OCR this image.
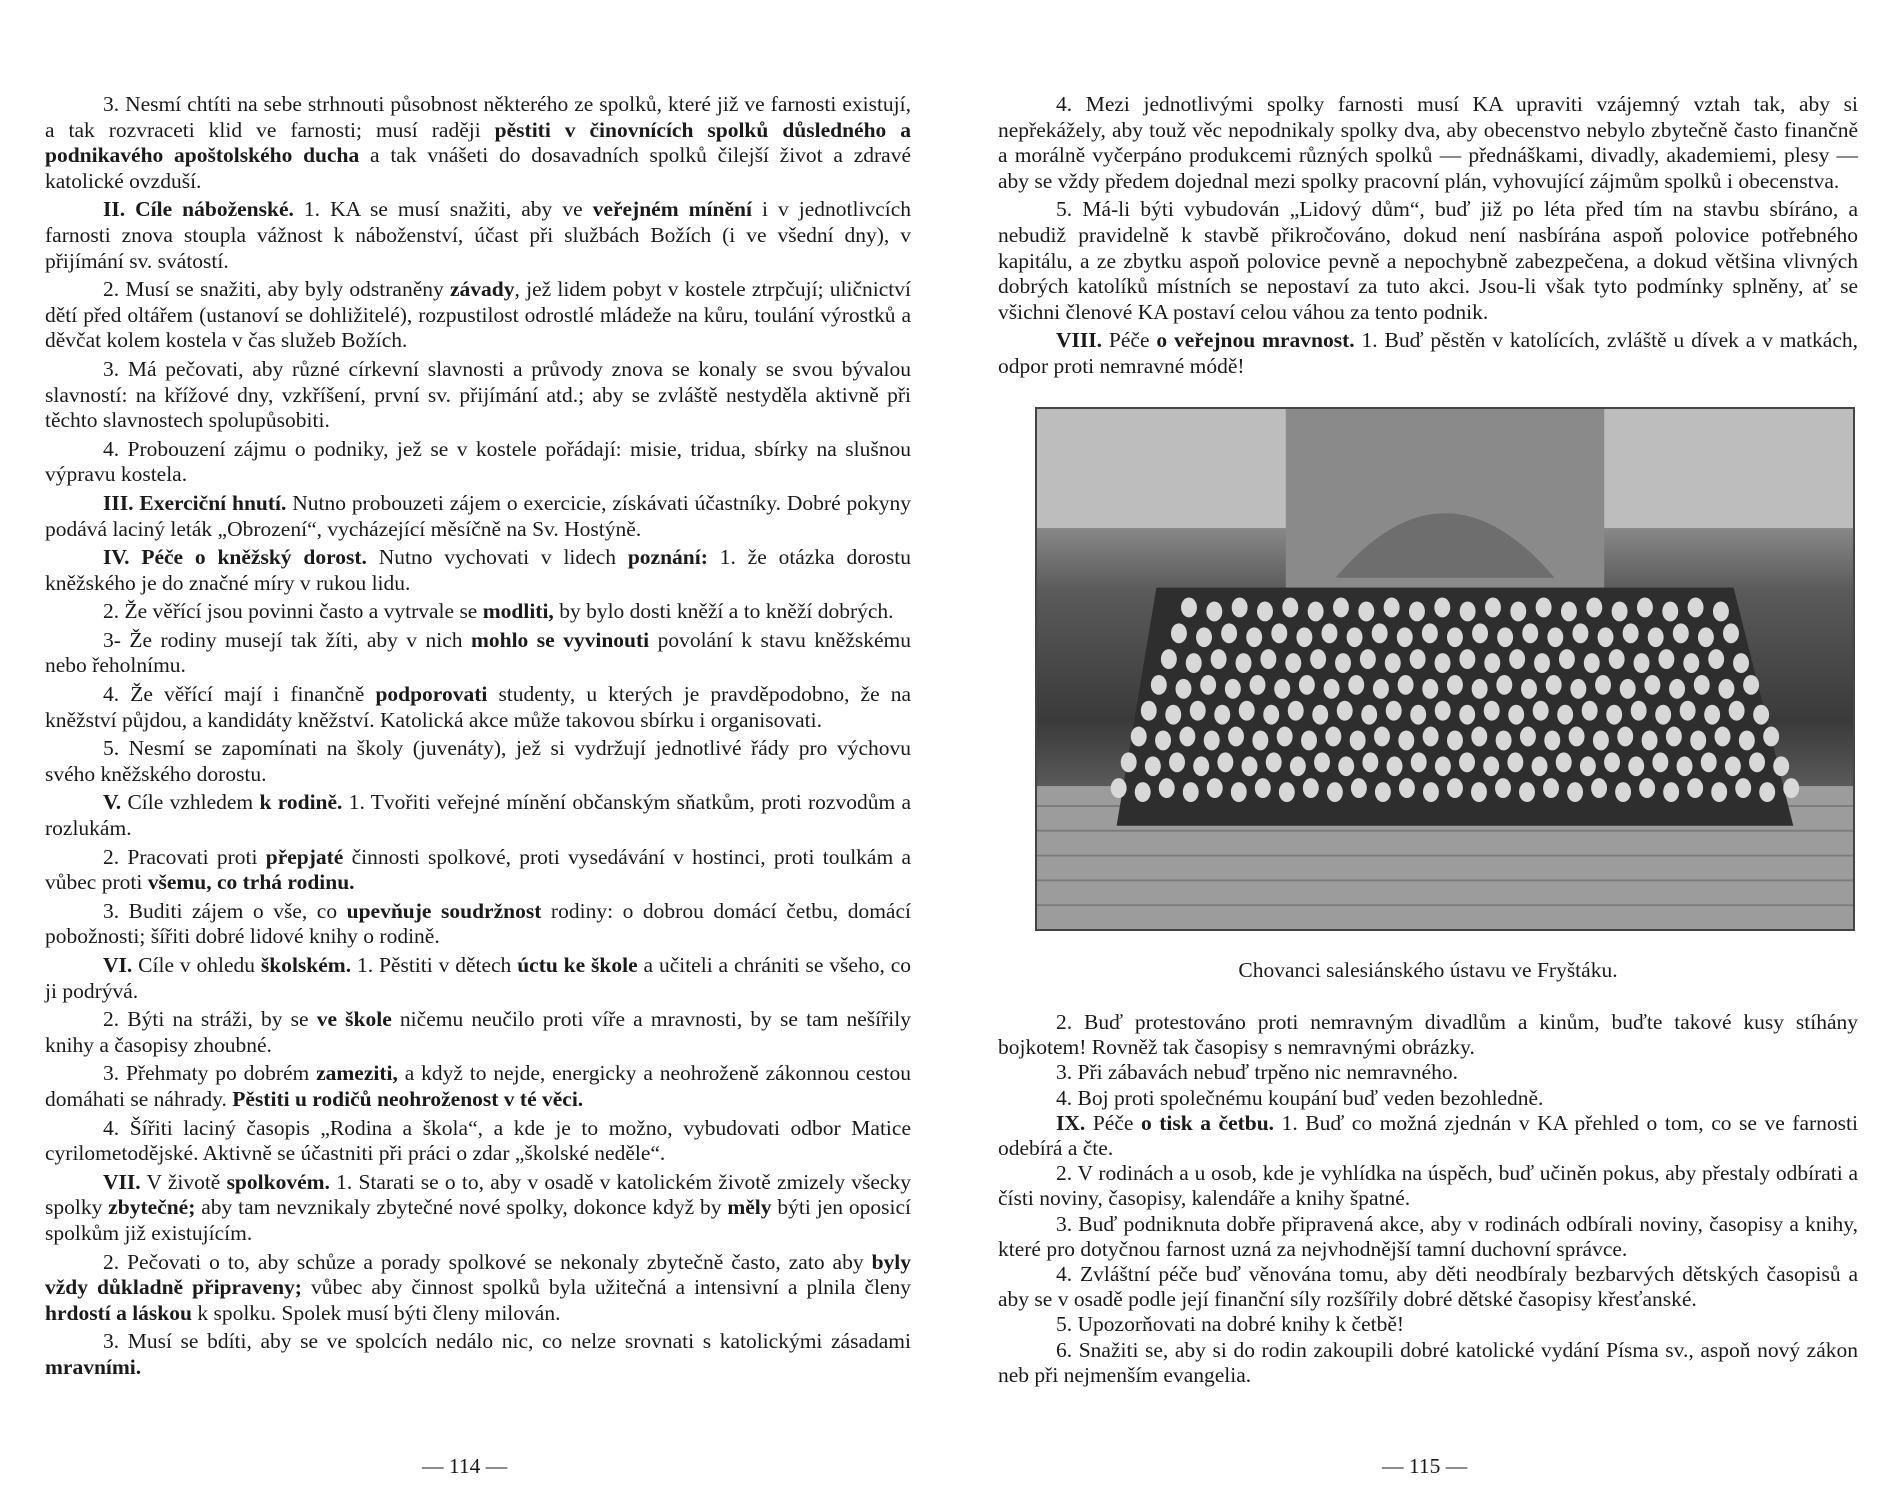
3. Nesmí chtíti na sebe strhnouti působnost některého ze spolků, které již ve farnosti existují, a tak rozvraceti klid ve farnosti; musí raději pěstiti v činovnících spolků důsledného a podnikavého apoštolského ducha a tak vnášeti do dosavadních spolků čilejší život a zdravé katolické ovzduší.

II. Cíle náboženské. 1. KA se musí snažiti, aby ve veřejném mínění i v jednotlivcích farnosti znova stoupla vážnost k náboženství, účast při službách Božích (i ve všední dny), v přijímání sv. svátostí.

2. Musí se snažiti, aby byly odstraněny závady, jež lidem pobyt v kostele ztrpčují; uličnictví dětí před oltářem (ustanoví se dohližitelé), rozpustilost odrostlé mládeže na kůru, toulání výrostků a děvčat kolem kostela v čas služeb Božích.

3. Má pečovati, aby různé církevní slavnosti a průvody znova se konaly se svou bývalou slavností: na křížové dny, vzkříšení, první sv. přijímání atd.; aby se zvláště nestyděla aktivně při těchto slavnostech spolupůsobiti.

4. Probouzení zájmu o podniky, jež se v kostele pořádají: misie, tridua, sbírky na slušnou výpravu kostela.

III. Exerciční hnutí. Nutno probouzeti zájem o exercicie, získávati účastníky. Dobré pokyny podává laciný leták „Obrození“, vycházející měsíčně na Sv. Hostýně.

IV. Péče o kněžský dorost. Nutno vychovati v lidech poznání: 1. že otázka dorostu kněžského je do značné míry v rukou lidu.

2. Že věřící jsou povinni často a vytrvale se modliti, by bylo dosti kněží a to kněží dobrých.

3- Že rodiny musejí tak žíti, aby v nich mohlo se vyvinouti povolání k stavu kněžskému nebo řeholnímu.

4. Že věřící mají i finančně podporovati studenty, u kterých je pravděpodobno, že na kněžství půjdou, a kandidáty kněžství. Katolická akce může takovou sbírku i organisovati.

5. Nesmí se zapomínati na školy (juvenáty), jež si vydržují jednotlivé řády pro výchovu svého kněžského dorostu.

V. Cíle vzhledem k rodině. 1. Tvořiti veřejné mínění občanským sňatkům, proti rozvodům a rozlukám.

2. Pracovati proti přepjaté činnosti spolkové, proti vysedávání v hostinci, proti toulkám a vůbec proti všemu, co trhá rodinu.

3. Buditi zájem o vše, co upevňuje soudržnost rodiny: o dobrou domácí četbu, domácí pobožnosti; šířiti dobré lidové knihy o rodině.

VI. Cíle v ohledu školském. 1. Pěstiti v dětech úctu ke škole a učiteli a chrániti se všeho, co ji podrývá.

2. Býti na stráži, by se ve škole ničemu neučilo proti víře a mravnosti, by se tam nešířily knihy a časopisy zhoubné.

3. Přehmaty po dobrém zameziti, a když to nejde, energicky a neohroženě zákonnou cestou domáhati se náhrady. Pěstiti u rodičů neohroženost v té věci.

4. Šířiti laciný časopis „Rodina a škola“, a kde je to možno, vybudovati odbor Matice cyrilometodějské. Aktivně se účastniti při práci o zdar „školské neděle“.

VII. V životě spolkovém. 1. Starati se o to, aby v osadě v katolickém životě zmizely všecky spolky zbytečné; aby tam nevznikaly zbytečné nové spolky, dokonce když by měly býti jen oposicí spolkům již existujícím.

2. Pečovati o to, aby schůze a porady spolkové se nekonaly zbytečně často, zato aby byly vždy důkladně připraveny; vůbec aby činnost spolků byla užitečná a intensivní a plnila členy hrdostí a láskou k spolku. Spolek musí býti členy milován.

3. Musí se bdíti, aby se ve spolcích nedálo nic, co nelze srovnati s katolickými zásadami mravními.

— 114 —

4. Mezi jednotlivými spolky farnosti musí KA upraviti vzájemný vztah tak, aby si nepřekážely, aby touž věc nepodnikaly spolky dva, aby obecenstvo nebylo zbytečně často finančně a morálně vyčerpáno produkcemi různých spolků — přednáškami, divadly, akademiemi, plesy — aby se vždy předem dojednal mezi spolky pracovní plán, vyhovující zájmům spolků i obecenstva.

5. Má-li býti vybudován „Lidový dům“, buď již po léta před tím na stavbu sbíráno, a nebudiž pravidelně k stavbě přikročováno, dokud není nasbírána aspoň polovice potřebného kapitálu, a ze zbytku aspoň polovice pevně a nepochybně zabezpečena, a dokud většina vlivných dobrých katolíků místních se nepostaví za tuto akci. Jsou-li však tyto podmínky splněny, ať se všichni členové KA postaví celou váhou za tento podnik.

VIII. Péče o veřejnou mravnost. 1. Buď pěstěn v katolících, zvláště u dívek a v matkách, odpor proti nemravné módě!

Chovanci salesiánského ústavu ve Fryštáku.

2. Buď protestováno proti nemravným divadlům a kinům, buďte takové kusy stíhány bojkotem! Rovněž tak časopisy s nemravnými obrázky.

3. Při zábavách nebuď trpěno nic nemravného.

4. Boj proti společnému koupání buď veden bezohledně.

IX. Péče o tisk a četbu. 1. Buď co možná zjednán v KA přehled o tom, co se ve farnosti odebírá a čte.

2. V rodinách a u osob, kde je vyhlídka na úspěch, buď učiněn pokus, aby přestaly odbírati a čísti noviny, časopisy, kalendáře a knihy špatné.

3. Buď podniknuta dobře připravená akce, aby v rodinách odbírali noviny, časopisy a knihy, které pro dotyčnou farnost uzná za nejvhodnější tamní duchovní správce.

4. Zvláštní péče buď věnována tomu, aby děti neodbíraly bezbarvých dětských časopisů a aby se v osadě podle její finanční síly rozšířily dobré dětské časopisy křesťanské.

5. Upozorňovati na dobré knihy k četbě!

6. Snažiti se, aby si do rodin zakoupili dobré katolické vydání Písma sv., aspoň nový zákon neb při nejmenším evangelia.

— 115 —
